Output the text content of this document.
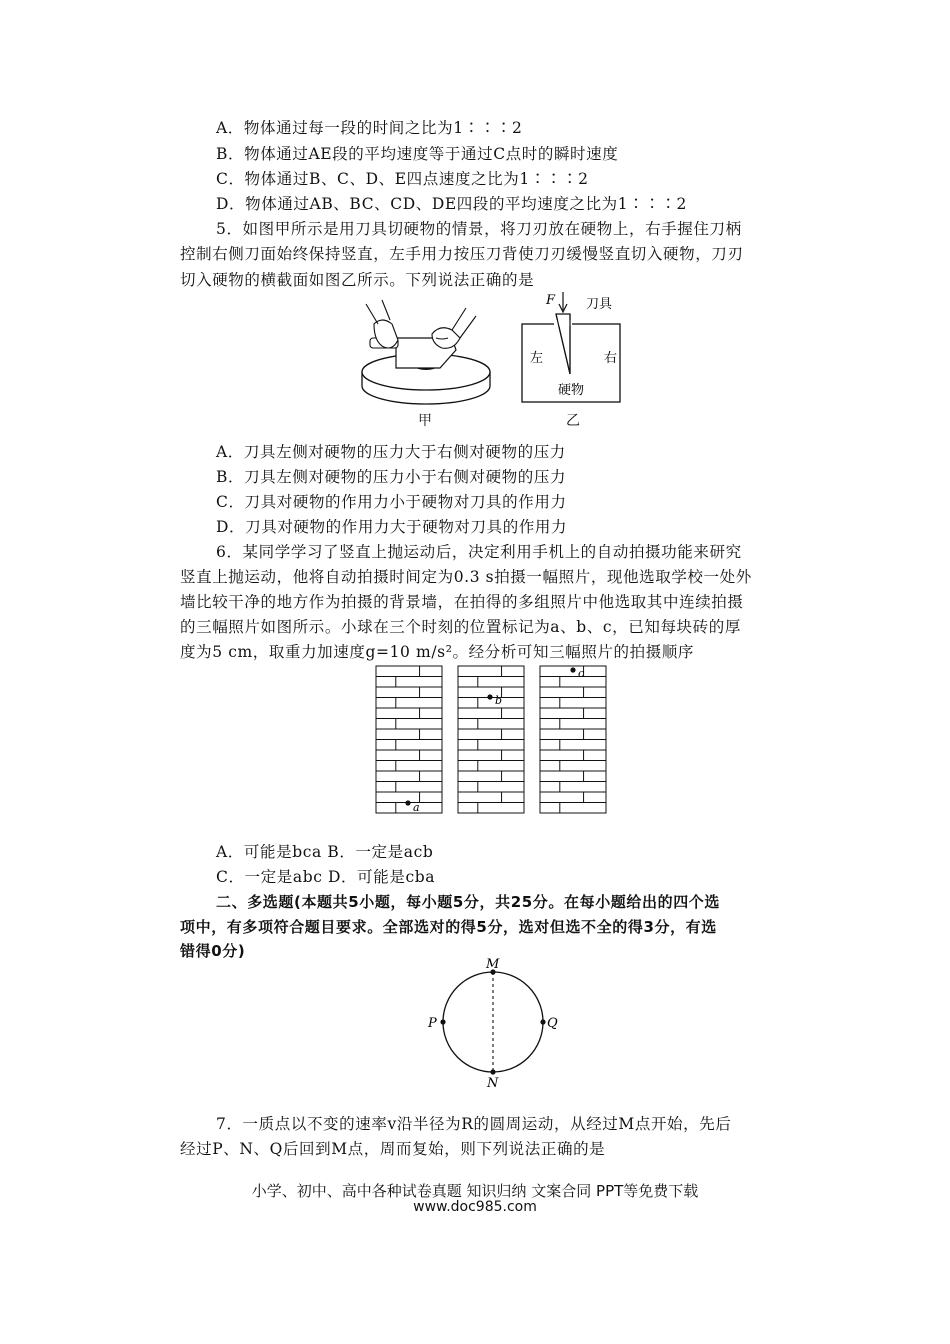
A．物体通过每一段的时间之比为1∶∶∶2
B．物体通过AE段的平均速度等于通过C点时的瞬时速度
C．物体通过B、C、D、E四点速度之比为1∶∶∶2
D．物体通过AB、BC、CD、DE四段的平均速度之比为1∶∶∶2
5．如图甲所示是用刀具切硬物的情景，将刀刃放在硬物上，右手握住刀柄
控制右侧刀面始终保持竖直，左手用力按压刀背使刀刃缓慢竖直切入硬物，刀刃
切入硬物的横截面如图乙所示。下列说法正确的是
甲
F 刀具
左	右
硬物
乙
A．刀具左侧对硬物的压力大于右侧对硬物的压力
B．刀具左侧对硬物的压力小于右侧对硬物的压力
C．刀具对硬物的作用力小于硬物对刀具的作用力
D．刀具对硬物的作用力大于硬物对刀具的作用力
6．某同学学习了竖直上抛运动后，决定利用手机上的自动拍摄功能来研究
竖直上抛运动，他将自动拍摄时间定为0.3 s拍摄一幅照片，现他选取学校一处外
墙比较干净的地方作为拍摄的背景墙，在拍得的多组照片中他选取其中连续拍摄
的三幅照片如图所示。小球在三个时刻的位置标记为a、b、c，已知每块砖的厚
度为5 cm，取重力加速度g=10 m/s²。经分析可知三幅照片的拍摄顺序
a
b
c
A．可能是bca B．一定是acb
C．一定是abc D．可能是cba
二、多选题(本题共5小题，每小题5分，共25分。在每小题给出的四个选
项中，有多项符合题目要求。全部选对的得5分，选对但选不全的得3分，有选
错得0分)
M
N
P	Q
7．一质点以不变的速率v沿半径为R的圆周运动，从经过M点开始，先后
经过P、N、Q后回到M点，周而复始，则下列说法正确的是
小学、初中、高中各种试卷真题 知识归纳 文案合同 PPT等免费下载
www.doc985.com
